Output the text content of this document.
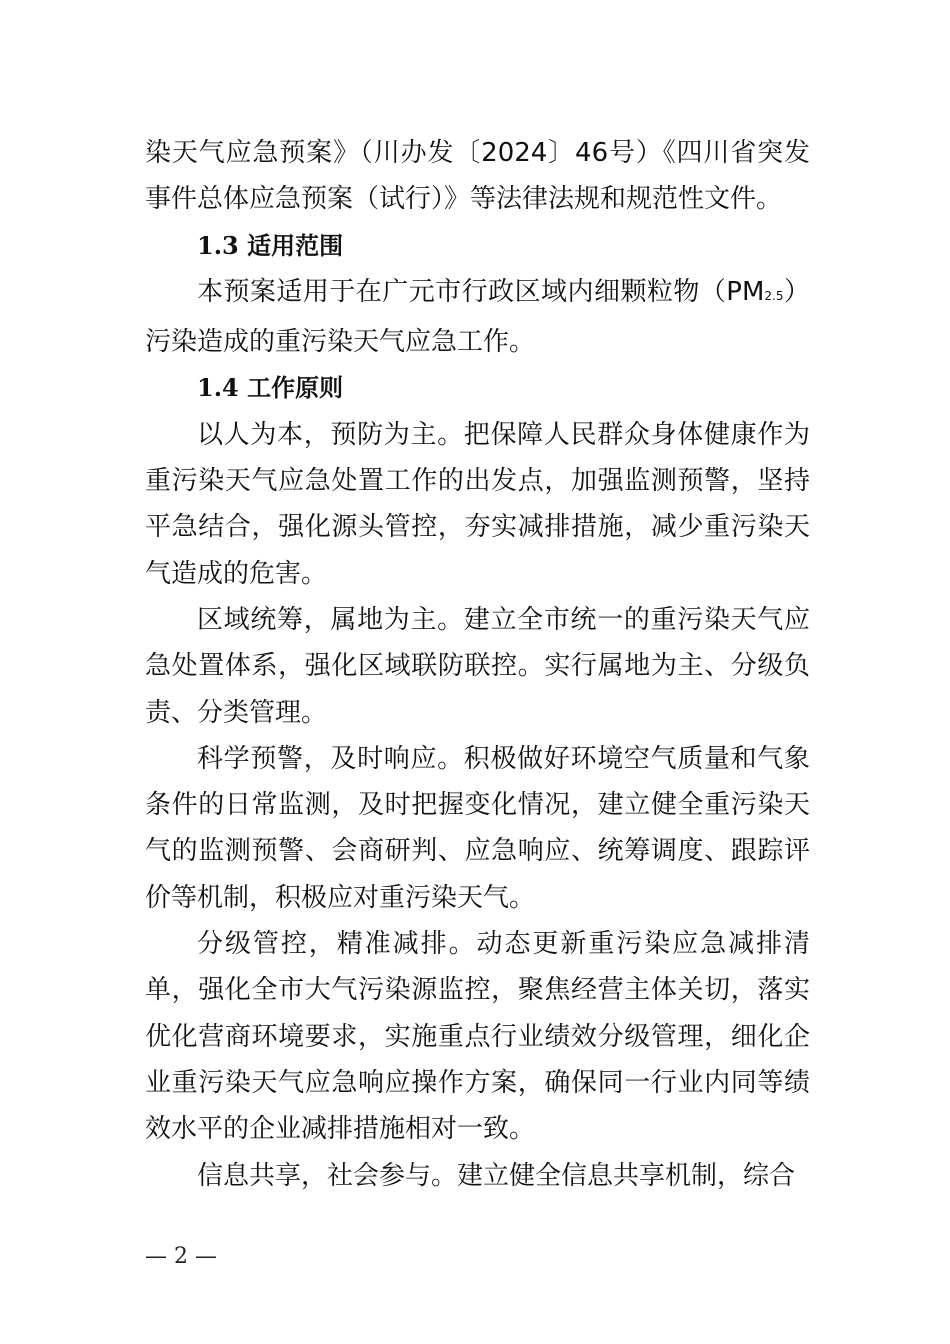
染天气应急预案》（川办发〔2024〕46号）《四川省突发事件总体应急预案（试行）》等法律法规和规范性文件。

1.3 适用范围

本预案适用于在广元市行政区域内细颗粒物（PM2.5）污染造成的重污染天气应急工作。

1.4 工作原则

以人为本，预防为主。把保障人民群众身体健康作为重污染天气应急处置工作的出发点，加强监测预警，坚持平急结合，强化源头管控，夯实减排措施，减少重污染天气造成的危害。

区域统筹，属地为主。建立全市统一的重污染天气应急处置体系，强化区域联防联控。实行属地为主、分级负责、分类管理。

科学预警，及时响应。积极做好环境空气质量和气象条件的日常监测，及时把握变化情况，建立健全重污染天气的监测预警、会商研判、应急响应、统筹调度、跟踪评价等机制，积极应对重污染天气。

分级管控，精准减排。动态更新重污染应急减排清单，强化全市大气污染源监控，聚焦经营主体关切，落实优化营商环境要求，实施重点行业绩效分级管理，细化企业重污染天气应急响应操作方案，确保同一行业内同等绩效水平的企业减排措施相对一致。

信息共享，社会参与。建立健全信息共享机制，综合

— 2 —
